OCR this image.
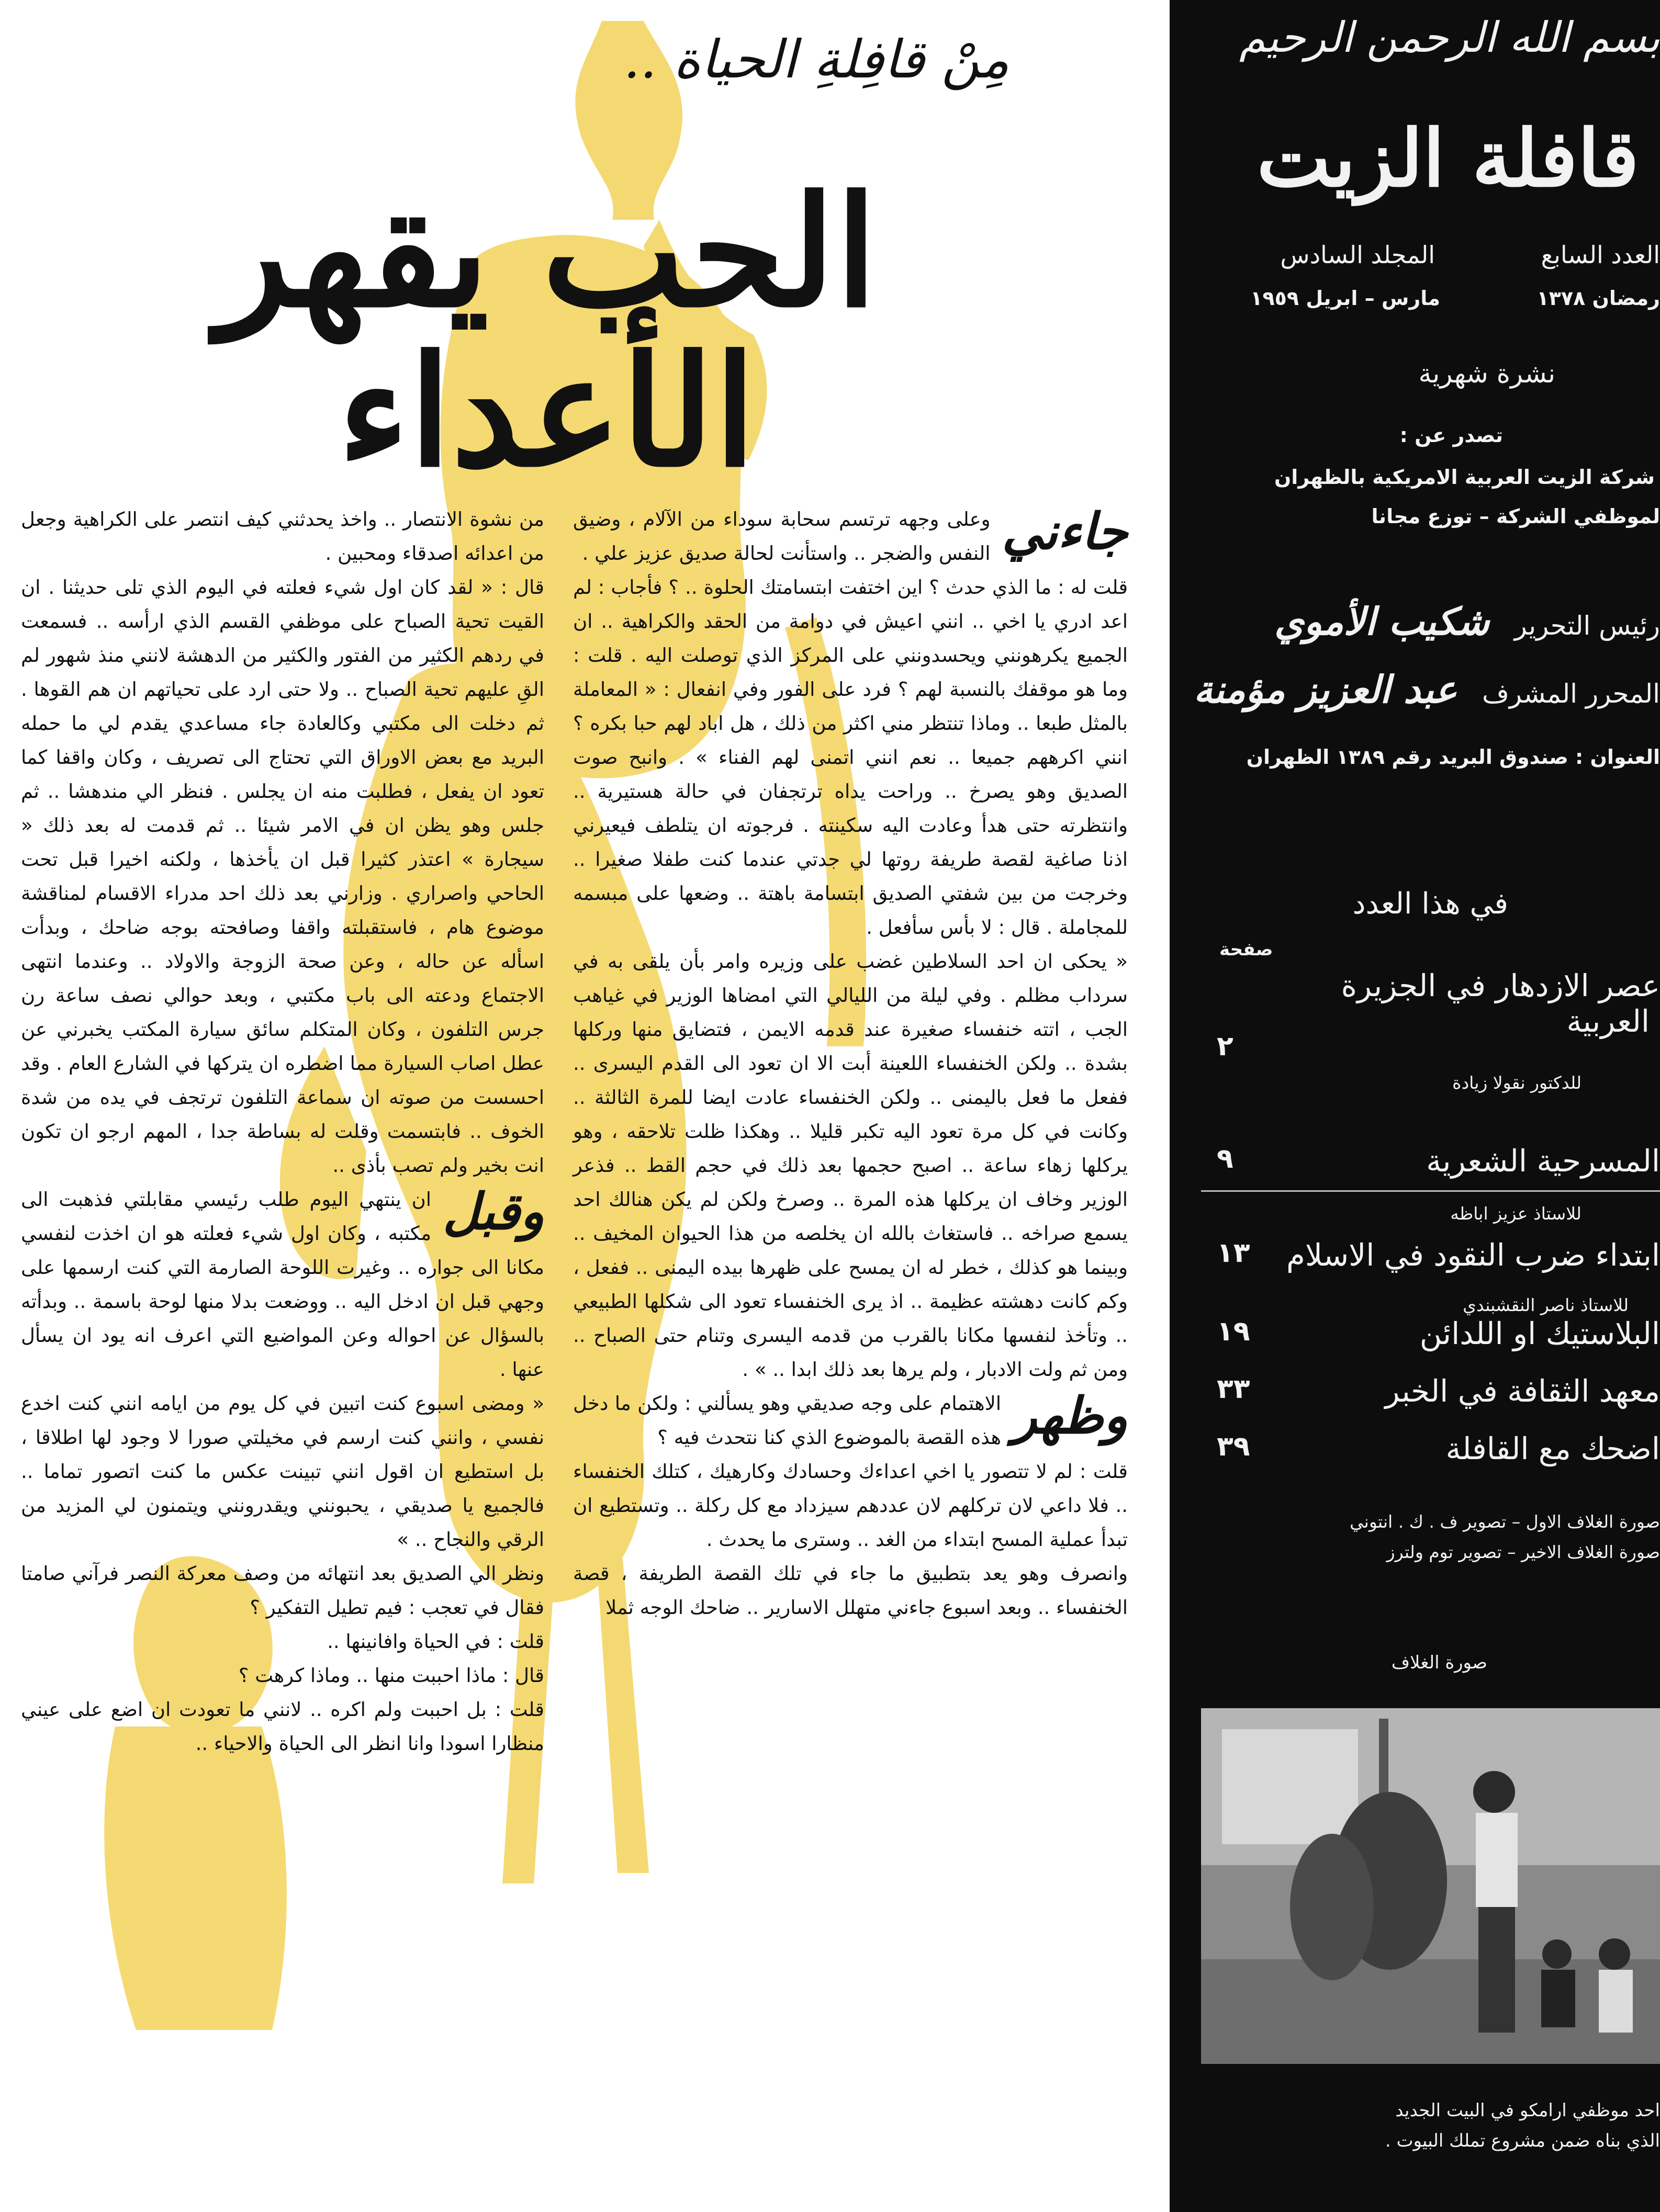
مِنْ قافِلةِ الحياة ..
الحب يقهر الأعداء
جاءني

وعلى وجهه ترتسم سحابة سوداء من الآلام ، وضيق النفس والضجر .. واستأنت لحالة صديق عزيز علي .

قلت له : ما الذي حدث ؟ اين اختفت ابتسامتك الحلوة .. ؟ فأجاب : لم اعد ادري يا اخي .. انني اعيش في دوامة من الحقد والكراهية .. ان الجميع يكرهونني ويحسدونني على المركز الذي توصلت اليه . قلت : وما هو موقفك بالنسبة لهم ؟ فرد على الفور وفي انفعال : « المعاملة بالمثل طبعا .. وماذا تنتظر مني اكثر من ذلك ، هل اباد لهم حبا بكره ؟ انني اكرههم جميعا .. نعم انني اتمنى لهم الفناء » . وانبح صوت الصديق وهو يصرخ .. وراحت يداه ترتجفان في حالة هستيرية .. وانتظرته حتى هدأ وعادت اليه سكينته . فرجوته ان يتلطف فيعيرني اذنا صاغية لقصة طريفة روتها لي جدتي عندما كنت طفلا صغيرا .. وخرجت من بين شفتي الصديق ابتسامة باهتة .. وضعها على مبسمه للمجاملة . قال : لا بأس سأفعل .

« يحكى ان احد السلاطين غضب على وزيره وامر بأن يلقى به في سرداب مظلم . وفي ليلة من الليالي التي امضاها الوزير في غياهب الجب ، اتته خنفساء صغيرة عند قدمه الايمن ، فتضايق منها وركلها بشدة .. ولكن الخنفساء اللعينة أبت الا ان تعود الى القدم اليسرى .. ففعل ما فعل باليمنى .. ولكن الخنفساء عادت ايضا للمرة الثالثة .. وكانت في كل مرة تعود اليه تكبر قليلا .. وهكذا ظلت تلاحقه ، وهو يركلها زهاء ساعة .. اصبح حجمها بعد ذلك في حجم القط .. فذعر الوزير وخاف ان يركلها هذه المرة .. وصرخ ولكن لم يكن هنالك احد يسمع صراخه .. فاستغاث بالله ان يخلصه من هذا الحيوان المخيف .. وبينما هو كذلك ، خطر له ان يمسح على ظهرها بيده اليمنى .. ففعل ، وكم كانت دهشته عظيمة .. اذ يرى الخنفساء تعود الى شكلها الطبيعي .. وتأخذ لنفسها مكانا بالقرب من قدمه اليسرى وتنام حتى الصباح .. ومن ثم ولت الادبار ، ولم يرها بعد ذلك ابدا .. » .

وظهر

الاهتمام على وجه صديقي وهو يسألني : ولكن ما دخل هذه القصة بالموضوع الذي كنا نتحدث فيه ؟

قلت : لم لا تتصور يا اخي اعداءك وحسادك وكارهيك ، كتلك الخنفساء .. فلا داعي لان تركلهم لان عددهم سيزداد مع كل ركلة .. وتستطيع ان تبدأ عملية المسح ابتداء من الغد .. وسترى ما يحدث .

وانصرف وهو يعد بتطبيق ما جاء في تلك القصة الطريفة ، قصة الخنفساء .. وبعد اسبوع جاءني متهلل الاسارير .. ضاحك الوجه ثملا

من نشوة الانتصار .. واخذ يحدثني كيف انتصر على الكراهية وجعل من اعدائه اصدقاء ومحبين .

قال : « لقد كان اول شيء فعلته في اليوم الذي تلى حديثنا . ان القيت تحية الصباح على موظفي القسم الذي ارأسه .. فسمعت في ردهم الكثير من الفتور والكثير من الدهشة لانني منذ شهور لم القِ عليهم تحية الصباح .. ولا حتى ارد على تحياتهم ان هم القوها . ثم دخلت الى مكتبي وكالعادة جاء مساعدي يقدم لي ما حمله البريد مع بعض الاوراق التي تحتاج الى تصريف ، وكان واقفا كما تعود ان يفعل ، فطلبت منه ان يجلس . فنظر الي مندهشا .. ثم جلس وهو يظن ان في الامر شيئا .. ثم قدمت له بعد ذلك « سيجارة » اعتذر كثيرا قبل ان يأخذها ، ولكنه اخيرا قبل تحت الحاحي واصراري . وزارني بعد ذلك احد مدراء الاقسام لمناقشة موضوع هام ، فاستقبلته واقفا وصافحته بوجه ضاحك ، وبدأت اسأله عن حاله ، وعن صحة الزوجة والاولاد .. وعندما انتهى الاجتماع ودعته الى باب مكتبي ، وبعد حوالي نصف ساعة رن جرس التلفون ، وكان المتكلم سائق سيارة المكتب يخبرني عن عطل اصاب السيارة مما اضطره ان يتركها في الشارع العام . وقد احسست من صوته ان سماعة التلفون ترتجف في يده من شدة الخوف .. فابتسمت وقلت له بساطة جدا ، المهم ارجو ان تكون انت بخير ولم تصب بأذى ..

وقبل

ان ينتهي اليوم طلب رئيسي مقابلتي فذهبت الى مكتبه ، وكان اول شيء فعلته هو ان اخذت لنفسي مكانا الى جواره .. وغيرت اللوحة الصارمة التي كنت ارسمها على وجهي قبل ان ادخل اليه .. ووضعت بدلا منها لوحة باسمة .. وبدأته بالسؤال عن احواله وعن المواضيع التي اعرف انه يود ان يسأل عنها .

« ومضى اسبوع كنت اتبين في كل يوم من ايامه انني كنت اخدع نفسي ، وانني كنت ارسم في مخيلتي صورا لا وجود لها اطلاقا ، بل استطيع ان اقول انني تبينت عكس ما كنت اتصور تماما .. فالجميع يا صديقي ، يحبونني ويقدرونني ويتمنون لي المزيد من الرقي والنجاح .. »

ونظر الي الصديق بعد انتهائه من وصف معركة النصر فرآني صامتا فقال في تعجب : فيم تطيل التفكير ؟

قلت : في الحياة وافانينها ..

قال : ماذا احببت منها .. وماذا كرهت ؟

قلت : بل احببت ولم اكره .. لانني ما تعودت ان اضع على عيني منظارا اسودا وانا انظر الى الحياة والاحياء ..

بسم الله الرحمن الرحيم
قافلة الزيت
العدد السابع
المجلد السادس
رمضان ١٣٧٨
مارس – ابريل ١٩٥٩
نشرة شهرية
تصدر عن :
شركة الزيت العربية الامريكية بالظهران
لموظفي الشركة – توزع مجانا
رئيس التحرير   شكيب الأموي
المحرر المشرف   عبد العزيز مؤمنة
العنوان : صندوق البريد رقم ١٣٨٩ الظهران
في هذا العدد
صفحة
عصر الازدهار في الجزيرة
العربية
٢
للدكتور نقولا زيادة
المسرحية الشعرية
٩
للاستاذ عزيز اباظه
ابتداء ضرب النقود في الاسلام
١٣
للاستاذ ناصر النقشبندي
البلاستيك او اللدائن
١٩
معهد الثقافة في الخبر
٣٣
اضحك مع القافلة
٣٩
صورة الغلاف الاول – تصوير ف . ك . انتوني
صورة الغلاف الاخير – تصوير توم ولترز
صورة الغلاف
احد موظفي ارامكو في البيت الجديد
الذي بناه ضمن مشروع تملك البيوت .
